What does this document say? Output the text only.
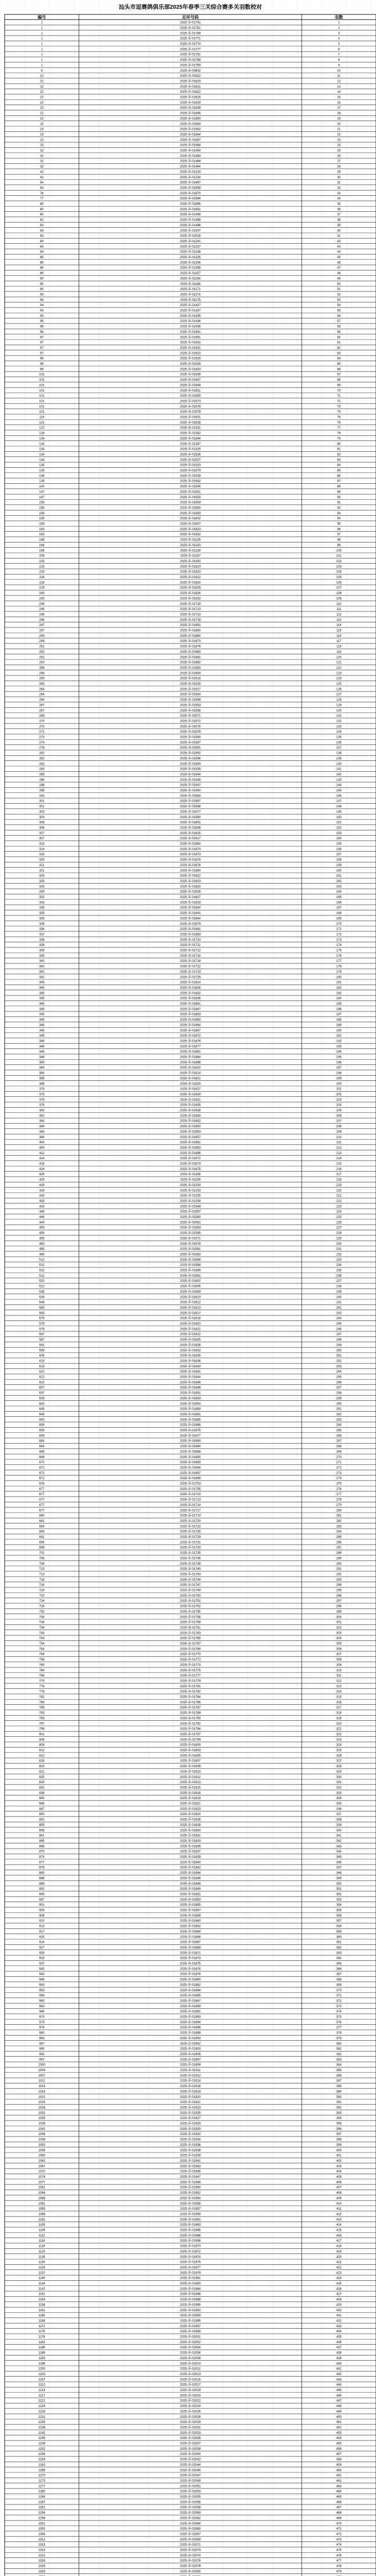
编号	足环号码	羽数
1	2025-春-01741	1
1	2025-春-01751	2
1	2025-春-01769	3
1	2025-春-01771	4
1	2025-春-01774	5
1	2025-春-01777	6
1	2025-春-01781	7
1	2025-春-01788	8
1	2025-春-01790	9
9	2025-春-00832	10
22	2025-春-01622	11
22	2025-春-01620	12
22	2025-春-01621	13
22	2025-春-01622	14
22	2025-春-01625	15
22	2025-春-01629	16
22	2025-春-01639	17
22	2025-春-01646	18
22	2025-春-01650	19
23	2025-春-01560	20
23	2025-春-01562	21
23	2025-春-01564	22
23	2025-春-01567	23
23	2025-春-01568	24
32	2025-春-01454	25
32	2025-春-01460	26
32	2025-春-01468	27
32	2025-春-01464	28
42	2025-春-01230	29
42	2025-春-01234	30
54	2025-春-01897	31
54	2025-春-01908	32
76	2025-春-01670	33
77	2025-春-01694	34
80	2025-春-01696	35
80	2025-春-01691	36
80	2025-春-01498	37
82	2025-春-01498	38
82	2025-春-01486	39
84	2025-春-01507	40
84	2025-春-01516	41
84	2025-春-01241	42
84	2025-春-01247	43
84	2025-春-01248	44
85	2025-春-01325	45
86	2025-春-01336	46
86	2025-春-01356	47
88	2025-春-01157	48
90	2025-春-01164	49
90	2025-春-01166	50
90	2025-春-01171	51
93	2025-春-01174	52
94	2025-春-01175	53
94	2025-春-01427	54
94	2025-春-01437	55
95	2025-春-01435	56
95	2025-春-01436	57
96	2025-春-01936	58
96	2025-春-01941	59
97	2025-春-01991	60
97	2025-春-01924	61
97	2025-春-01921	62
97	2025-春-01922	63
98	2025-春-01925	64
99	2025-春-01928	65
99	2025-春-01833	66
101	2025-春-01838	67
101	2025-春-01847	68
101	2025-春-01848	69
101	2025-春-01851	70
101	2025-春-01853	71
101	2025-春-01573	72
101	2025-春-01576	73
101	2025-春-01578	74
119	2025-春-01501	75
122	2025-春-01528	76
122	2025-春-01331	77
128	2025-春-01342	78
134	2025-春-01344	79
134	2025-春-01347	80
134	2025-春-01325	81
134	2025-春-01526	82
134	2025-春-01527	83
134	2025-春-01520	84
135	2025-春-01579	85
139	2025-春-01539	86
139	2025-春-01542	87
140	2025-春-01545	88
147	2025-春-01551	89
147	2025-春-01553	90
155	2025-春-01559	91
155	2025-春-01560	92
156	2025-春-01563	93
159	2025-春-01802	94
159	2025-春-01607	95
160	2025-春-01823	96
163	2025-春-01932	97
166	2025-春-01135	98
166	2025-春-01143	99
166	2025-春-01149	100
209	2025-春-01157	101
215	2025-春-01183	102
215	2025-春-01810	103
216	2025-春-01820	104
216	2025-春-01822	105
218	2025-春-01824	106
219	2025-春-01825	107
240	2025-春-01826	108
243	2025-春-01832	109
246	2025-春-01718	110
246	2025-春-01713	111
246	2025-春-01714	112
246	2025-春-01718	113
247	2025-春-01851	114
247	2025-春-01860	115
249	2025-春-01864	116
249	2025-春-01870	117
251	2025-春-01876	118
252	2025-春-01880	119
252	2025-春-01881	120
253	2025-春-01882	121
256	2025-春-01883	122
258	2025-春-01600	123
260	2025-春-01514	124
260	2025-春-01516	125
264	2025-春-01517	126
264	2025-春-01543	127
264	2025-春-01548	128
267	2025-春-01553	129
267	2025-春-01556	130
269	2025-春-01571	131
270	2025-春-01572	132
270	2025-春-01576	133
271	2025-春-01578	134
273	2025-春-01584	135
274	2025-春-01587	136
278	2025-春-01591	137
282	2025-春-01592	138
282	2025-春-01596	139
282	2025-春-01800	140
283	2025-春-01535	141
285	2025-春-01544	142
286	2025-春-01546	143
288	2025-春-01547	144
288	2025-春-01560	145
293	2025-春-01564	146
301	2025-春-01567	147
301	2025-春-01568	148
303	2025-春-01577	149
303	2025-春-01580	150
306	2025-春-01801	151
306	2025-春-01806	152
307	2025-春-01615	153
307	2025-春-01617	154
314	2025-春-01864	155
314	2025-春-01870	156
315	2025-春-01873	157
320	2025-春-01874	158
321	2025-春-01876	159
321	2025-春-01880	160
324	2025-春-01822	161
325	2025-春-01823	162
326	2025-春-01824	163
330	2025-春-01626	164
331	2025-春-01627	165
333	2025-春-01629	166
335	2025-春-01640	167
335	2025-春-01641	168
335	2025-春-01844	169
336	2025-春-01879	170
336	2025-春-01681	171
337	2025-春-01883	172
338	2025-春-01710	173
338	2025-春-01711	174
339	2025-春-01712	175
339	2025-春-01716	176
340	2025-春-01718	177
342	2025-春-01722	178
342	2025-春-01723	179
342	2025-春-01725	180
345	2025-春-01814	181
345	2025-春-01826	182
345	2025-春-01832	183
345	2025-春-01836	184
345	2025-春-01841	185
345	2025-春-01847	186
345	2025-春-01853	187
345	2025-春-01860	188
345	2025-春-01864	189
345	2025-春-01867	190
345	2025-春-01872	191
345	2025-春-01876	192
346	2025-春-01877	193
346	2025-春-01881	194
346	2025-春-01884	195
360	2025-春-01886	196
364	2025-春-01610	197
364	2025-春-01614	198
365	2025-春-01621	199
366	2025-春-01625	200
373	2025-春-01627	201
375	2025-春-01630	202
375	2025-春-01631	203
375	2025-春-01635	204
382	2025-春-01639	205
382	2025-春-01640	206
384	2025-春-01642	207
384	2025-春-01650	208
384	2025-春-01653	209
384	2025-春-01657	210
400	2025-春-01661	211
400	2025-春-01663	212
412	2025-春-01666	213
414	2025-春-01672	214
416	2025-春-01673	215
424	2025-春-01675	216
429	2025-春-01198	217
429	2025-春-01199	218
429	2025-春-01200	219
429	2025-春-01203	220
433	2025-春-01205	221
433	2025-春-01209	222
433	2025-春-01548	223
446	2025-春-01557	224
446	2025-春-01560	225
449	2025-春-01561	226
455	2025-春-01563	227
455	2025-春-01565	228
455	2025-春-01571	229
463	2025-春-01578	230
485	2025-春-01581	231
485	2025-春-01583	232
512	2025-春-01584	233
512	2025-春-01588	234
512	2025-春-01589	235
512	2025-春-01591	236
520	2025-春-01602	237
522	2025-春-01605	238
536	2025-春-01609	239
539	2025-春-01610	240
548	2025-春-01612	241
555	2025-春-01613	242
563	2025-春-01617	243
575	2025-春-01618	244
579	2025-春-01620	245
579	2025-春-01621	246
587	2025-春-01622	247
587	2025-春-01625	248
591	2025-春-01626	249
599	2025-春-01632	250
606	2025-春-01635	251
615	2025-春-01636	252
615	2025-春-01640	253
622	2025-春-01641	254
622	2025-春-01644	255
622	2025-春-01646	256
637	2025-春-01648	257
637	2025-春-01651	258
639	2025-春-01653	259
643	2025-春-01654	260
645	2025-春-01660	261
646	2025-春-01661	262
650	2025-春-01665	263
655	2025-春-01666	264
659	2025-春-01675	265
659	2025-春-01677	266
664	2025-春-01680	267
664	2025-春-01684	268
666	2025-春-01688	269
669	2025-春-01690	270
670	2025-春-01693	271
672	2025-春-01694	272
672	2025-春-01697	273
672	2025-春-01699	274
676	2025-春-01703	275
677	2025-春-01705	276
677	2025-春-01710	277
677	2025-春-01713	278
677	2025-春-01714	279
677	2025-春-01717	280
680	2025-春-01719	281
681	2025-春-01720	282
684	2025-春-01722	283
684	2025-春-01726	284
691	2025-春-01729	285
695	2025-春-01731	286
699	2025-春-01733	287
702	2025-春-01735	288
706	2025-春-01736	289
706	2025-春-01738	290
713	2025-春-01740	291
713	2025-春-01743	292
716	2025-春-01744	293
716	2025-春-01747	294
720	2025-春-01749	295
720	2025-春-01750	296
724	2025-春-01751	297
726	2025-春-01752	298
730	2025-春-01755	299
730	2025-春-01756	300
734	2025-春-01758	301
734	2025-春-01761	302
744	2025-春-01763	303
744	2025-春-01765	304
754	2025-春-01767	305
754	2025-春-01769	306
758	2025-春-01770	307
758	2025-春-01772	308
760	2025-春-01773	309
764	2025-春-01775	310
766	2025-春-01777	311
770	2025-春-01779	312
776	2025-春-01781	313
778	2025-春-01782	314
782	2025-春-01784	315
789	2025-春-01786	316
789	2025-春-01787	317
793	2025-春-01789	318
793	2025-春-01790	319
797	2025-春-01792	320
799	2025-春-01794	321
801	2025-春-01797	322
808	2025-春-01799	323
808	2025-春-01800	324
812	2025-春-01803	325
812	2025-春-01805	326
816	2025-春-01807	327
820	2025-春-01808	328
821	2025-春-01810	329
825	2025-春-01812	330
830	2025-春-01813	331
832	2025-春-01815	332
836	2025-春-01818	333
840	2025-春-01819	334
845	2025-春-01821	335
847	2025-春-01823	336
850	2025-春-01824	337
852	2025-春-01826	338
855	2025-春-01828	339
858	2025-春-01830	340
861	2025-春-01831	341
865	2025-春-01833	342
868	2025-春-01835	343
870	2025-春-01837	344
874	2025-春-01839	345
877	2025-春-01840	346
879	2025-春-01842	347
883	2025-春-01844	348
886	2025-春-01846	349
889	2025-春-01848	350
892	2025-春-01849	351
895	2025-春-01851	352
897	2025-春-01853	353
901	2025-春-01855	354
905	2025-春-01857	355
908	2025-春-01858	356
910	2025-春-01860	357
913	2025-春-01862	358
917	2025-春-01864	359
920	2025-春-01866	360
924	2025-春-01867	361
927	2025-春-01869	362
930	2025-春-01871	363
933	2025-春-01873	364
937	2025-春-01875	365
940	2025-春-01876	366
943	2025-春-01878	367
946	2025-春-01880	368
950	2025-春-01882	369
953	2025-春-01884	370
956	2025-春-01885	371
960	2025-春-01887	372
963	2025-春-01889	373
966	2025-春-01891	374
970	2025-春-01893	375
973	2025-春-01894	376
976	2025-春-01896	377
980	2025-春-01898	378
983	2025-春-01900	379
987	2025-春-01902	380
990	2025-春-01903	381
993	2025-春-01905	382
997	2025-春-01907	383
1000	2025-春-01909	384
1004	2025-春-01911	385
1007	2025-春-01912	386
1011	2025-春-01914	387
1014	2025-春-01916	388
1018	2025-春-01918	389
1021	2025-春-01920	390
1025	2025-春-01921	391
1028	2025-春-01923	392
1032	2025-春-01925	393
1035	2025-春-01927	394
1039	2025-春-01929	395
1042	2025-春-01930	396
1046	2025-春-01932	397
1049	2025-春-01934	398
1053	2025-春-01936	399
1056	2025-春-01938	400
1060	2025-春-01939	401
1063	2025-春-01941	402
1067	2025-春-01943	403
1070	2025-春-01945	404
1074	2025-春-01947	405
1077	2025-春-01948	406
1081	2025-春-01950	407
1084	2025-春-01952	408
1088	2025-春-01954	409
1091	2025-春-01956	410
1095	2025-春-01957	411
1098	2025-春-01959	412
1102	2025-春-01961	413
1105	2025-春-01963	414
1109	2025-春-01965	415
1112	2025-春-01966	416
1116	2025-春-01968	417
1119	2025-春-01970	418
1123	2025-春-01972	419
1126	2025-春-01974	420
1130	2025-春-01975	421
1133	2025-春-01977	422
1137	2025-春-01979	423
1140	2025-春-01981	424
1144	2025-春-01983	425
1147	2025-春-01984	426
1151	2025-春-01986	427
1154	2025-春-01988	428
1158	2025-春-01990	429
1161	2025-春-01992	430
1165	2025-春-01993	431
1168	2025-春-01995	432
1172	2025-春-01997	433
1175	2025-春-01999	434
1179	2025-春-02001	435
1182	2025-春-02002	436
1186	2025-春-02004	437
1189	2025-春-02006	438
1193	2025-春-02008	439
1196	2025-春-02010	440
1200	2025-春-02011	441
1203	2025-春-02013	442
1207	2025-春-02015	443
1210	2025-春-02017	444
1214	2025-春-02019	445
1217	2025-春-02020	446
1221	2025-春-02022	447
1224	2025-春-02024	448
1228	2025-春-02026	449
1231	2025-春-02028	450
1235	2025-春-02029	451
1238	2025-春-02031	452
1242	2025-春-02033	453
1245	2025-春-02035	454
1249	2025-春-02037	455
1252	2025-春-02038	456
1256	2025-春-02040	457
1259	2025-春-02042	458
1263	2025-春-02044	459
1266	2025-春-02046	460
1270	2025-春-02047	461
1273	2025-春-02049	462
1277	2025-春-02051	463
1280	2025-春-02053	464
1284	2025-春-02055	465
1287	2025-春-02056	466
1291	2025-春-02058	467
1294	2025-春-02060	468
1298	2025-春-02062	469
1301	2025-春-02064	470
1305	2025-春-02065	471
1308	2025-春-02067	472
1312	2025-春-02069	473
1315	2025-春-02071	474
1319	2025-春-02073	475
1322	2025-春-02074	476
1326	2025-春-02076	477
1329	2025-春-02078	478
1333	2025-春-02080	479
汕头市逗赛鸽俱乐部2025年春季三关综合赛多关羽数校对
